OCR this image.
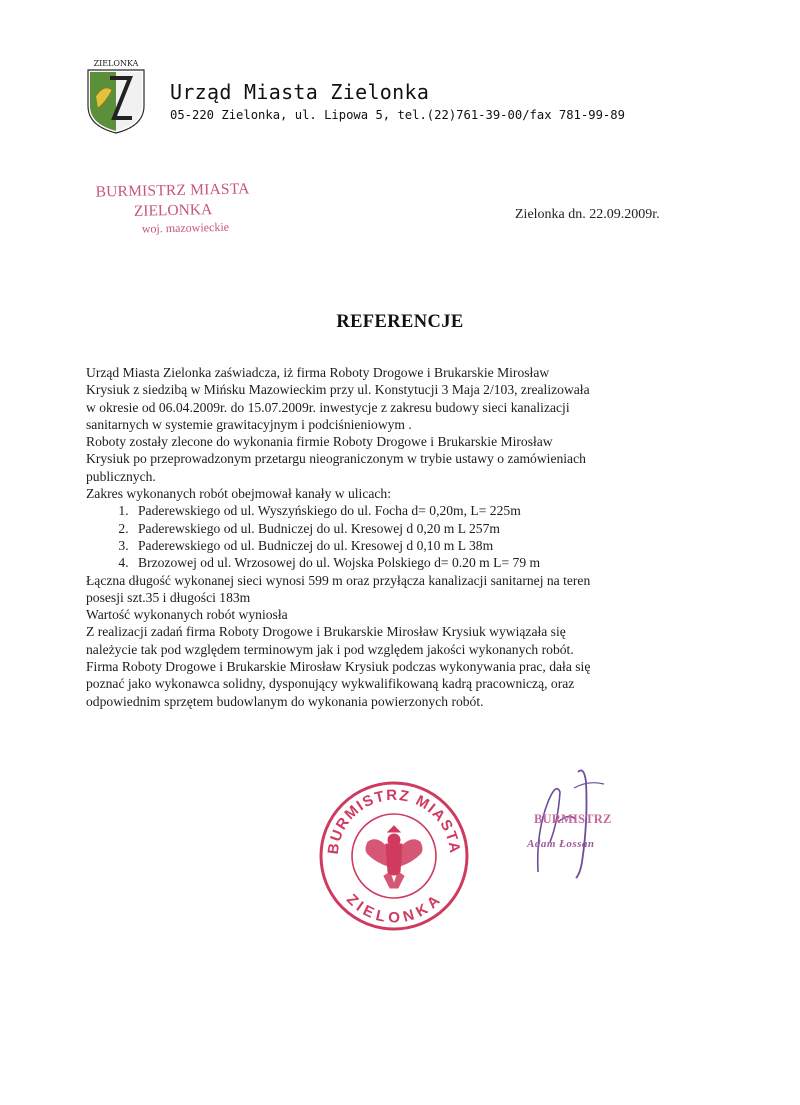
ZIELONKA
Urząd Miasta Zielonka
05-220 Zielonka, ul. Lipowa 5, tel.(22)761-39-00/fax 781-99-89
BURMISTRZ MIASTA
ZIELONKA
woj. mazowieckie
Zielonka dn. 22.09.2009r.
REFERENCJE

Urząd Miasta Zielonka zaświadcza, iż firma Roboty Drogowe i Brukarskie Mirosław

Krysiuk z siedzibą w Mińsku Mazowieckim przy ul. Konstytucji 3 Maja 2/103, zrealizowała

w okresie od 06.04.2009r. do 15.07.2009r. inwestycje z zakresu budowy sieci kanalizacji

sanitarnych w systemie grawitacyjnym i podciśnieniowym .

Roboty zostały zlecone do wykonania firmie Roboty Drogowe i Brukarskie Mirosław

Krysiuk po przeprowadzonym przetargu nieograniczonym w trybie ustawy o zamówieniach

publicznych.

Zakres wykonanych robót obejmował kanały w ulicach:

1. Paderewskiego od ul. Wyszyńskiego do ul. Focha d= 0,20m, L= 225m
2. Paderewskiego od ul. Budniczej do ul. Kresowej d 0,20 m L 257m
3. Paderewskiego od ul. Budniczej do ul. Kresowej d 0,10 m L 38m
4. Brzozowej od ul. Wrzosowej do ul. Wojska Polskiego d= 0.20 m L= 79 m

Łączna długość wykonanej sieci wynosi 599 m oraz przyłącza kanalizacji sanitarnej na teren

posesji szt.35 i długości 183m

Wartość wykonanych robót wyniosła

Z realizacji zadań firma Roboty Drogowe i Brukarskie Mirosław Krysiuk wywiązała się

należycie tak pod względem terminowym jak i pod względem jakości wykonanych robót.

Firma Roboty Drogowe i Brukarskie Mirosław Krysiuk podczas wykonywania prac, dała się

poznać jako wykonawca solidny, dysponujący wykwalifikowaną kadrą pracowniczą, oraz

odpowiednim sprzętem budowlanym do wykonania powierzonych robót.

BURMISTRZ MIASTA
ZIELONKA
BURMISTRZ
Adam Łossan
